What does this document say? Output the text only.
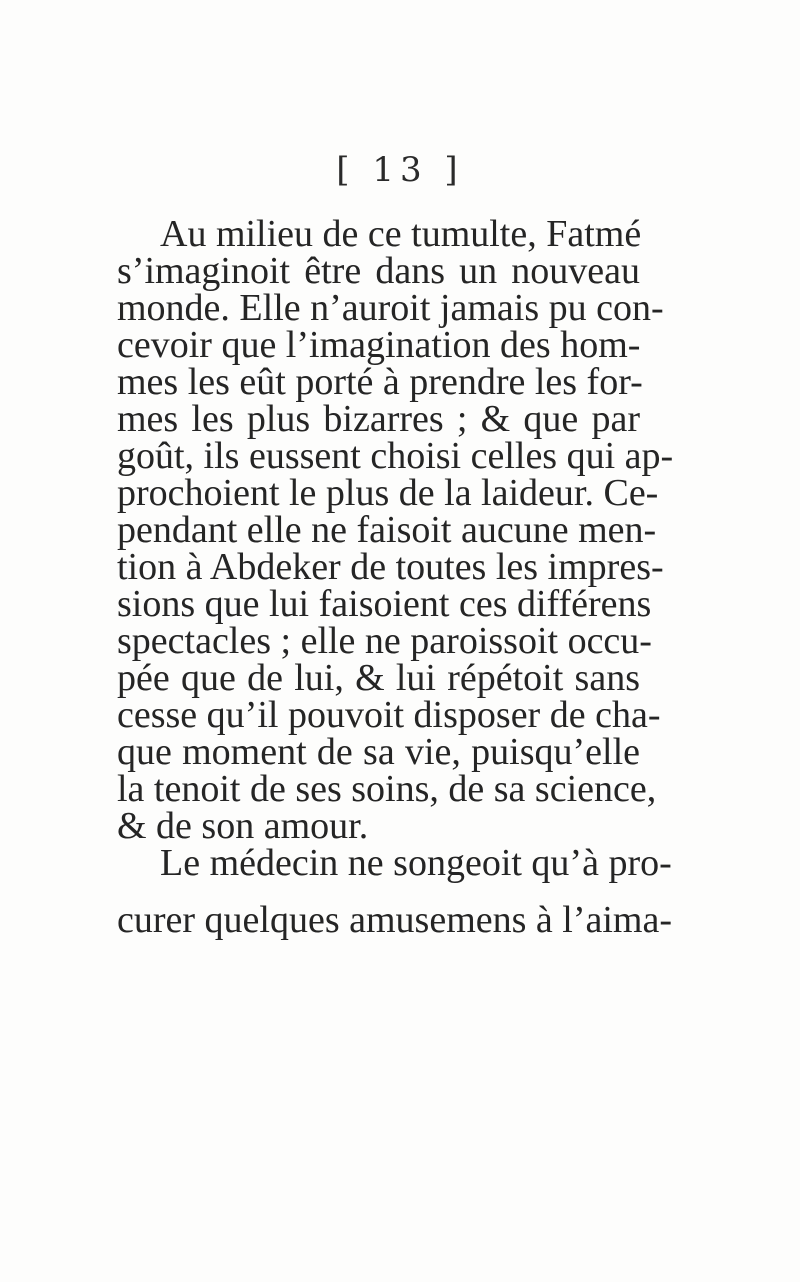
[ 13 ]

Au milieu de ce tumulte, Fatmé
s’imaginoit être dans un nouveau
monde. Elle n’auroit jamais pu con-
cevoir que l’imagination des hom-
mes les eût porté à prendre les for-
mes les plus bizarres ; & que par
goût, ils eussent choisi celles qui ap-
prochoient le plus de la laideur. Ce-
pendant elle ne faisoit aucune men-
tion à Abdeker de toutes les impres-
sions que lui faisoient ces différens
spectacles ; elle ne paroissoit occu-
pée que de lui, & lui répétoit sans
cesse qu’il pouvoit disposer de cha-
que moment de sa vie, puisqu’elle
la tenoit de ses soins, de sa science,
& de son amour.
Le médecin ne songeoit qu’à pro-
curer quelques amusemens à l’aima-
